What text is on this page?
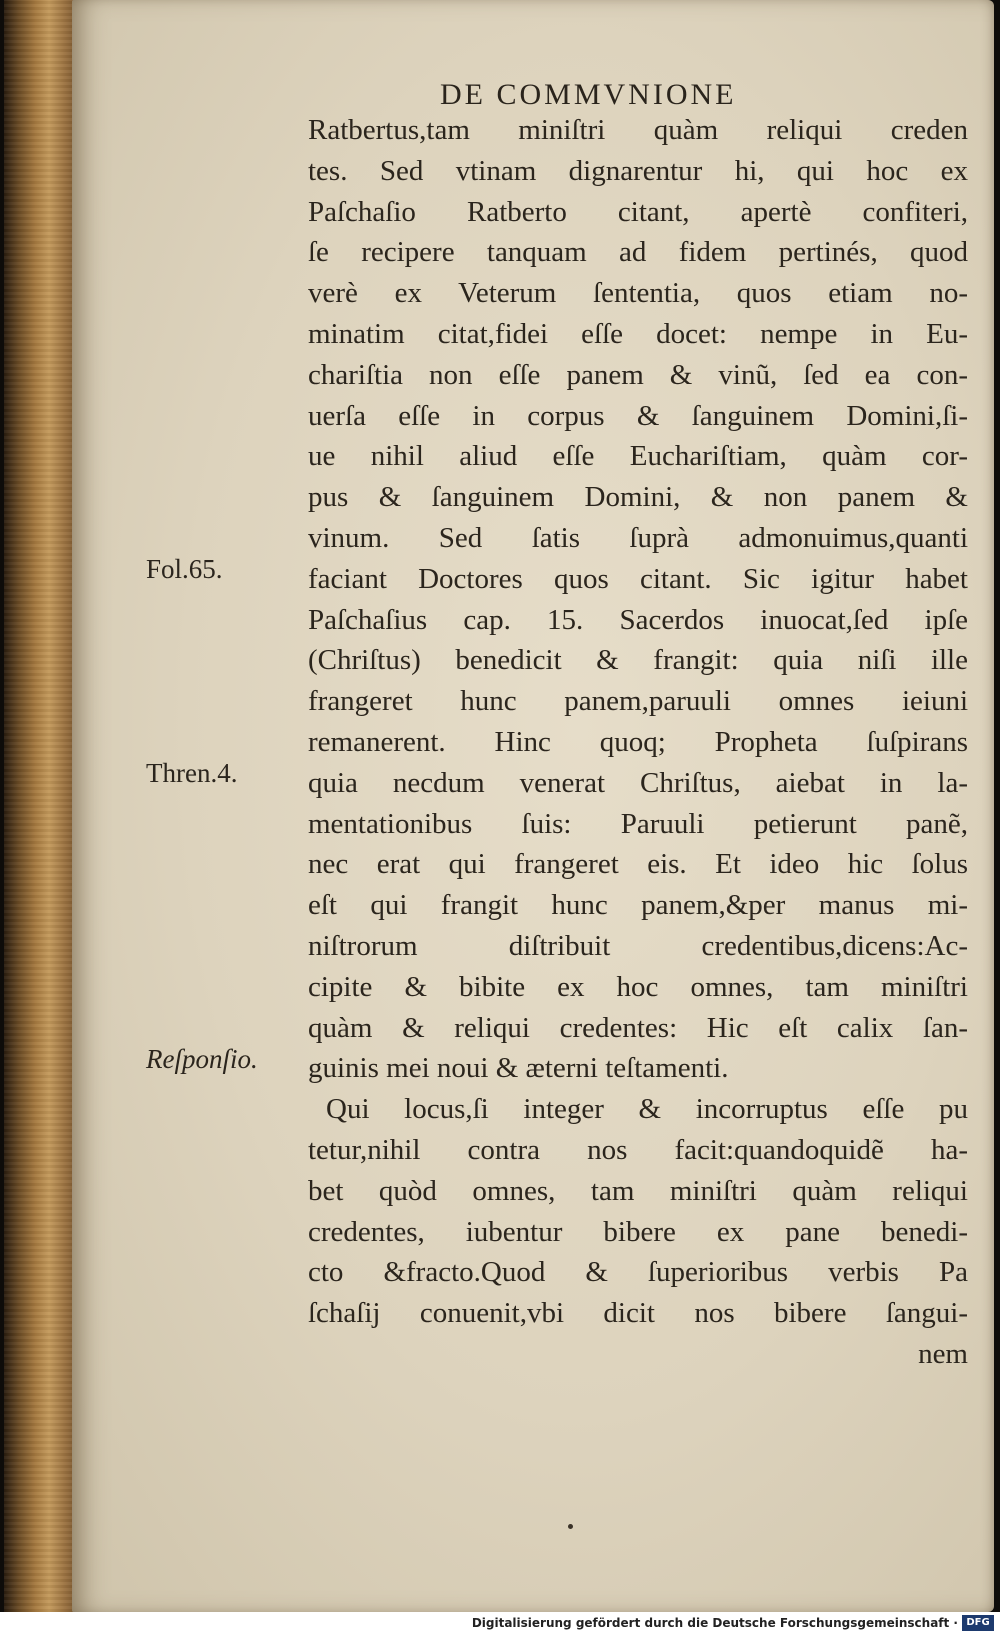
DE COMMVNIONE
Ratbertus,tam miniſtri quàm reliqui creden
tes. Sed vtinam dignarentur hi, qui hoc ex
Paſchaſio Ratberto citant, apertè confiteri,
ſe recipere tanquam ad fidem pertinés, quod
verè ex Veterum ſententia, quos etiam no-
minatim citat,fidei eſſe docet: nempe in Eu-
chariſtia non eſſe panem & vinũ, ſed ea con-
uerſa eſſe in corpus & ſanguinem Domini,ſi-
ue nihil aliud eſſe Euchariſtiam, quàm cor-
pus & ſanguinem Domini, & non panem &
vinum. Sed ſatis ſuprà admonuimus,quanti
faciant Doctores quos citant. Sic igitur habet
Paſchaſius cap. 15. Sacerdos inuocat,ſed ipſe
(Chriſtus) benedicit & frangit: quia niſi ille
frangeret hunc panem,paruuli omnes ieiuni
remanerent. Hinc quoq; Propheta ſuſpirans
quia necdum venerat Chriſtus, aiebat in la-
mentationibus ſuis: Paruuli petierunt panẽ,
nec erat qui frangeret eis. Et ideo hic ſolus
eſt qui frangit hunc panem,&per manus mi-
niſtrorum diſtribuit credentibus,dicens:Ac-
cipite & bibite ex hoc omnes, tam miniſtri
quàm & reliqui credentes: Hic eſt calix ſan-
guinis mei noui & æterni teſtamenti.
Qui locus,ſi integer & incorruptus eſſe pu
tetur,nihil contra nos facit:quandoquidẽ ha-
bet quòd omnes, tam miniſtri quàm reliqui
credentes, iubentur bibere ex pane benedi-
cto &fracto.Quod & ſuperioribus verbis Pa
ſchaſij conuenit,vbi dicit nos bibere ſangui-
nem
Fol.65.
Thren.4.
Reſponſio.
Digitalisierung gefördert durch die Deutsche Forschungsgemeinschaft · DFG
